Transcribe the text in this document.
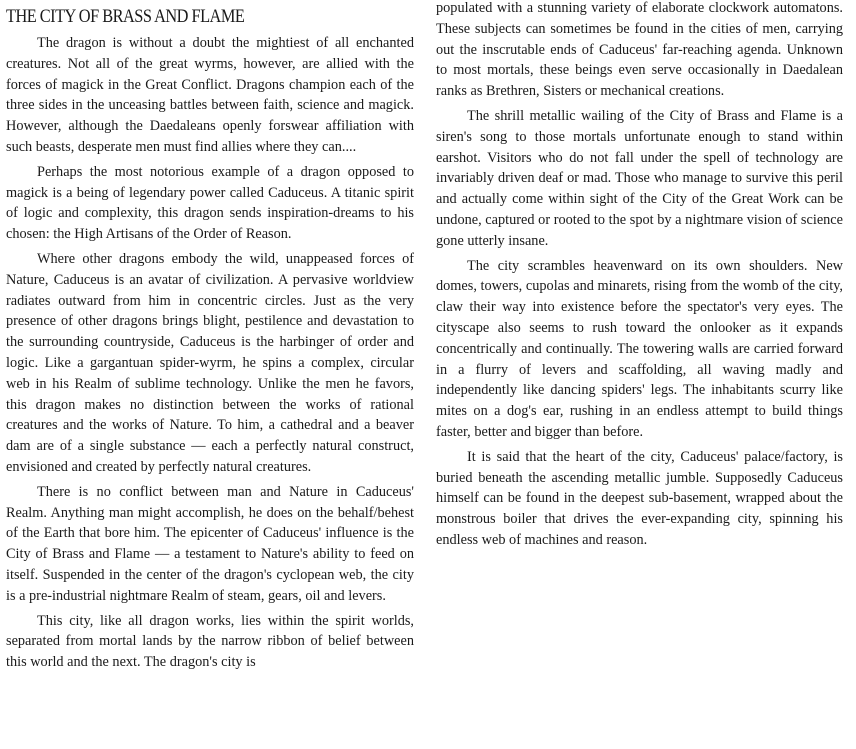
THE CITY OF BRASS AND FLAME

The dragon is without a doubt the mightiest of all enchanted creatures. Not all of the great wyrms, however, are allied with the forces of magick in the Great Conflict. Dragons champion each of the three sides in the unceasing battles between faith, science and magick. However, although the Daedaleans openly forswear affiliation with such beasts, desperate men must find allies where they can....

Perhaps the most notorious example of a dragon opposed to magick is a being of legendary power called Caduceus. A titanic spirit of logic and complexity, this dragon sends inspiration-dreams to his chosen: the High Artisans of the Order of Reason.

Where other dragons embody the wild, unappeased forces of Nature, Caduceus is an avatar of civilization. A pervasive worldview radiates outward from him in concentric circles. Just as the very presence of other dragons brings blight, pestilence and devastation to the surrounding countryside, Caduceus is the harbinger of order and logic. Like a gargantuan spider-wyrm, he spins a complex, circular web in his Realm of sublime technology. Unlike the men he favors, this dragon makes no distinction between the works of rational creatures and the works of Nature. To him, a cathedral and a beaver dam are of a single substance — each a perfectly natural construct, envisioned and created by perfectly natural creatures.

There is no conflict between man and Nature in Caduceus' Realm. Anything man might accomplish, he does on the behalf/behest of the Earth that bore him. The epicenter of Caduceus' influence is the City of Brass and Flame — a testament to Nature's ability to feed on itself. Suspended in the center of the dragon's cyclopean web, the city is a pre-industrial nightmare Realm of steam, gears, oil and levers.

This city, like all dragon works, lies within the spirit worlds, separated from mortal lands by the narrow ribbon of belief between this world and the next. The dragon's city is

populated with a stunning variety of elaborate clockwork automatons. These subjects can sometimes be found in the cities of men, carrying out the inscrutable ends of Caduceus' far-reaching agenda. Unknown to most mortals, these beings even serve occasionally in Daedalean ranks as Brethren, Sisters or mechanical creations.

The shrill metallic wailing of the City of Brass and Flame is a siren's song to those mortals unfortunate enough to stand within earshot. Visitors who do not fall under the spell of technology are invariably driven deaf or mad. Those who manage to survive this peril and actually come within sight of the City of the Great Work can be undone, captured or rooted to the spot by a nightmare vision of science gone utterly insane.

The city scrambles heavenward on its own shoulders. New domes, towers, cupolas and minarets, rising from the womb of the city, claw their way into existence before the spectator's very eyes. The cityscape also seems to rush toward the onlooker as it expands concentrically and continually. The towering walls are carried forward in a flurry of levers and scaffolding, all waving madly and independently like dancing spiders' legs. The inhabitants scurry like mites on a dog's ear, rushing in an endless attempt to build things faster, better and bigger than before.

It is said that the heart of the city, Caduceus' palace/factory, is buried beneath the ascending metallic jumble. Supposedly Caduceus himself can be found in the deepest sub-basement, wrapped about the monstrous boiler that drives the ever-expanding city, spinning his endless web of machines and reason.
